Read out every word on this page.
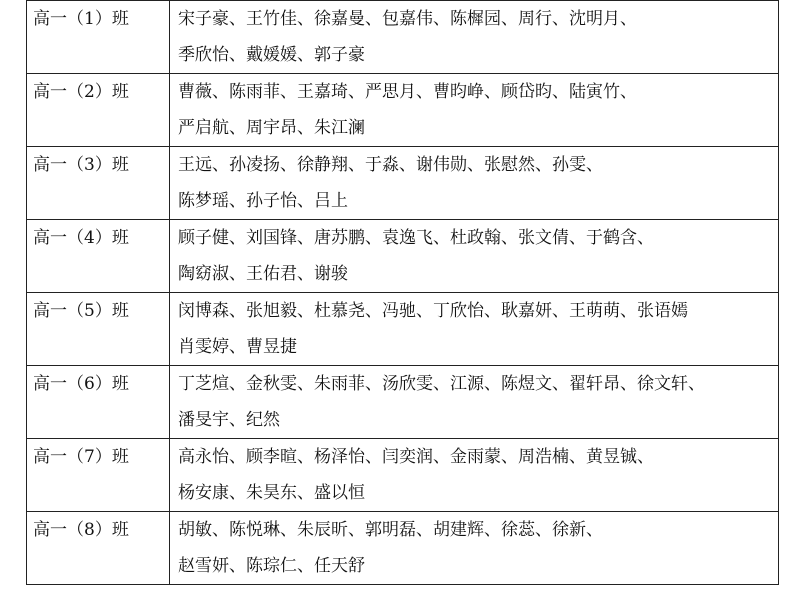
高一（1）班	宋子豪、王竹佳、徐嘉曼、包嘉伟、陈樨园、周行、沈明月、
季欣怡、戴媛媛、郭子豪

高一（2）班	曹薇、陈雨菲、王嘉琦、严思月、曹昀峥、顾岱昀、陆寅竹、
严启航、周宇昂、朱江澜

高一（3）班	王远、孙凌扬、徐静翔、于淼、谢伟勋、张慰然、孙雯、
陈梦瑶、孙子怡、吕上

高一（4）班	顾子健、刘国锋、唐苏鹏、袁逸飞、杜政翰、张文倩、于鹤含、
陶窈淑、王佑君、谢骏

高一（5）班	闵博森、张旭毅、杜慕尧、冯驰、丁欣怡、耿嘉妍、王萌萌、张语嫣
肖雯婷、曹昱捷

高一（6）班	丁芝煊、金秋雯、朱雨菲、汤欣雯、江源、陈煜文、翟轩昂、徐文轩、
潘旻宇、纪然

高一（7）班	高永怡、顾李暄、杨泽怡、闫奕润、金雨蒙、周浩楠、黄昱铖、
杨安康、朱昊东、盛以恒

高一（8）班	胡敏、陈悦琳、朱辰昕、郭明磊、胡建辉、徐蕊、徐新、
赵雪妍、陈琮仁、任天舒
